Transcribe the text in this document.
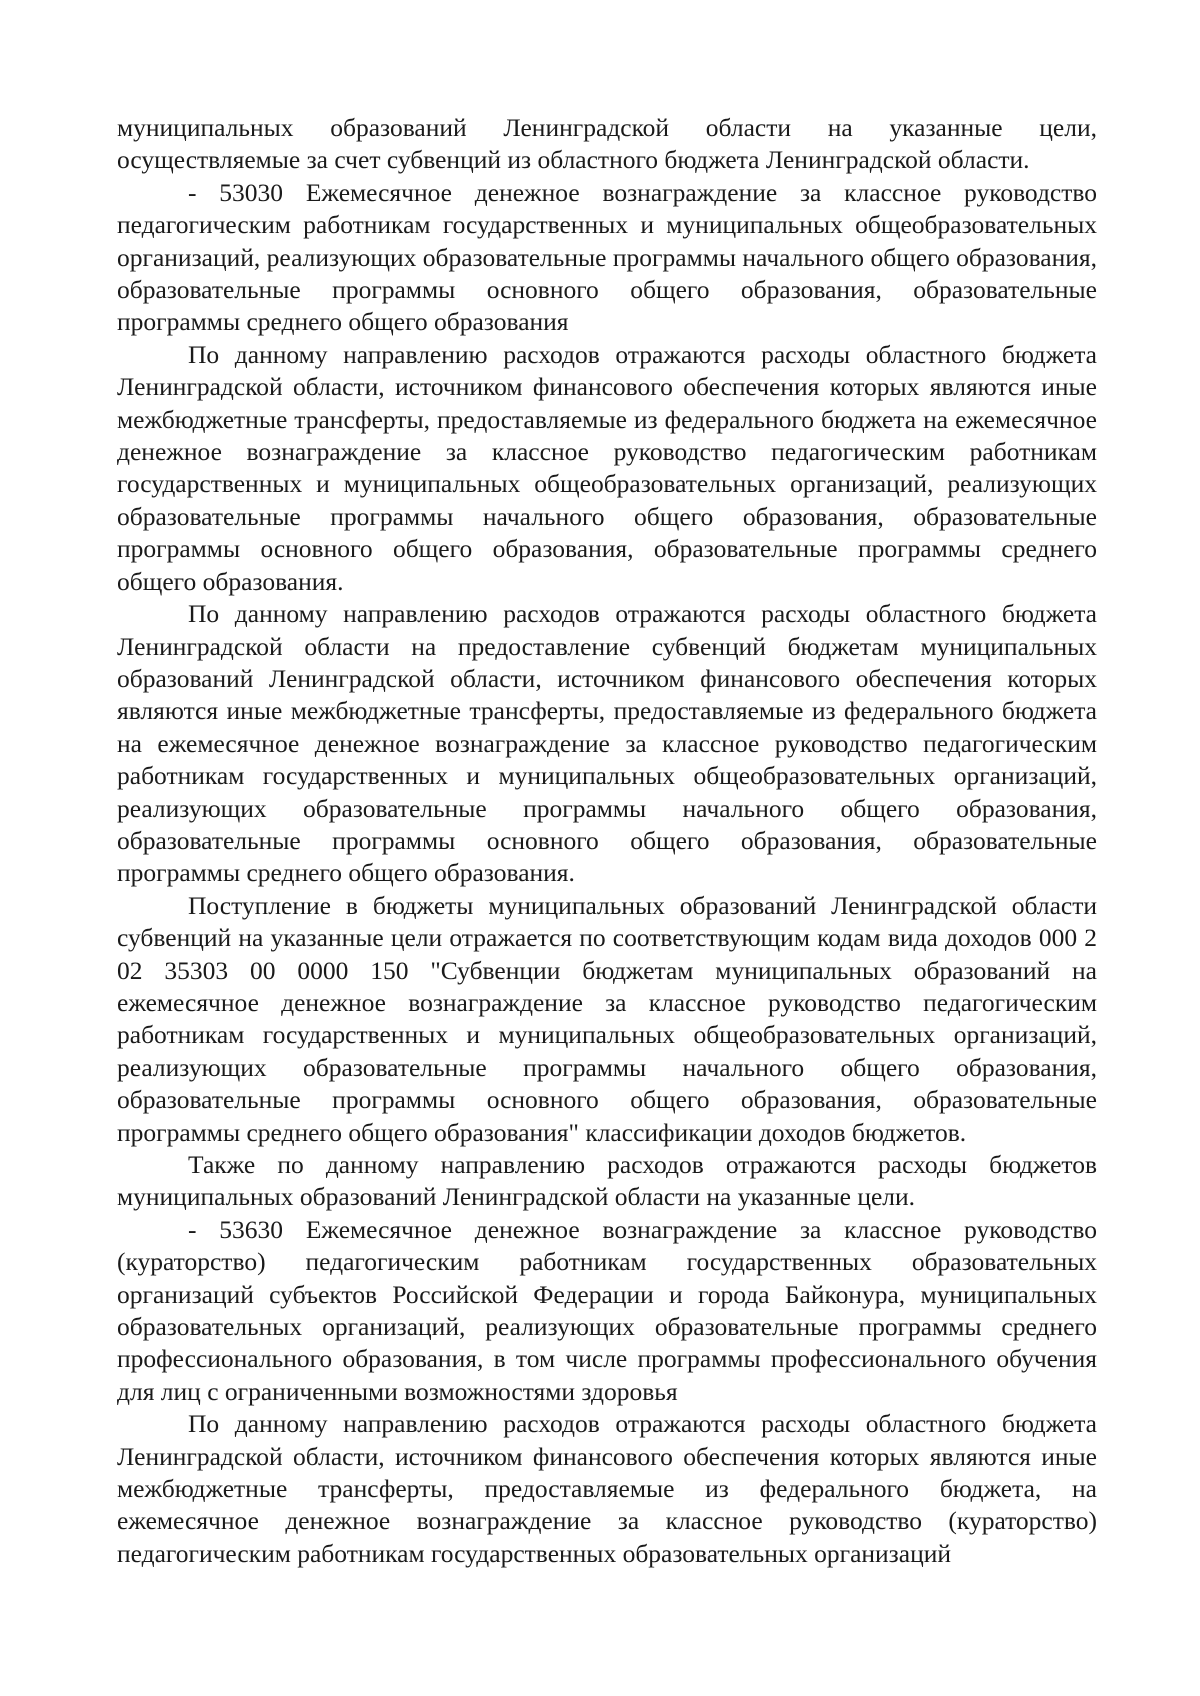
муниципальных образований Ленинградской области на указанные цели, осуществляемые за счет субвенций из областного бюджета Ленинградской области.

- 53030 Ежемесячное денежное вознаграждение за классное руководство педагогическим работникам государственных и муниципальных общеобразовательных организаций, реализующих образовательные программы начального общего образования, образовательные программы основного общего образования, образовательные программы среднего общего образования

По данному направлению расходов отражаются расходы областного бюджета Ленинградской области, источником финансового обеспечения которых являются иные межбюджетные трансферты, предоставляемые из федерального бюджета на ежемесячное денежное вознаграждение за классное руководство педагогическим работникам государственных и муниципальных общеобразовательных организаций, реализующих образовательные программы начального общего образования, образовательные программы основного общего образования, образовательные программы среднего общего образования.

По данному направлению расходов отражаются расходы областного бюджета Ленинградской области на предоставление субвенций бюджетам муниципальных образований Ленинградской области, источником финансового обеспечения которых являются иные межбюджетные трансферты, предоставляемые из федерального бюджета на ежемесячное денежное вознаграждение за классное руководство педагогическим работникам государственных и муниципальных общеобразовательных организаций, реализующих образовательные программы начального общего образования, образовательные программы основного общего образования, образовательные программы среднего общего образования.

Поступление в бюджеты муниципальных образований Ленинградской области субвенций на указанные цели отражается по соответствующим кодам вида доходов 000 2 02 35303 00 0000 150 "Субвенции бюджетам муниципальных образований на ежемесячное денежное вознаграждение за классное руководство педагогическим работникам государственных и муниципальных общеобразовательных организаций, реализующих образовательные программы начального общего образования, образовательные программы основного общего образования, образовательные программы среднего общего образования" классификации доходов бюджетов.

Также по данному направлению расходов отражаются расходы бюджетов муниципальных образований Ленинградской области на указанные цели.

- 53630 Ежемесячное денежное вознаграждение за классное руководство (кураторство) педагогическим работникам государственных образовательных организаций субъектов Российской Федерации и города Байконура, муниципальных образовательных организаций, реализующих образовательные программы среднего профессионального образования, в том числе программы профессионального обучения для лиц с ограниченными возможностями здоровья

По данному направлению расходов отражаются расходы областного бюджета Ленинградской области, источником финансового обеспечения которых являются иные межбюджетные трансферты, предоставляемые из федерального бюджета, на ежемесячное денежное вознаграждение за классное руководство (кураторство) педагогическим работникам государственных образовательных организаций
